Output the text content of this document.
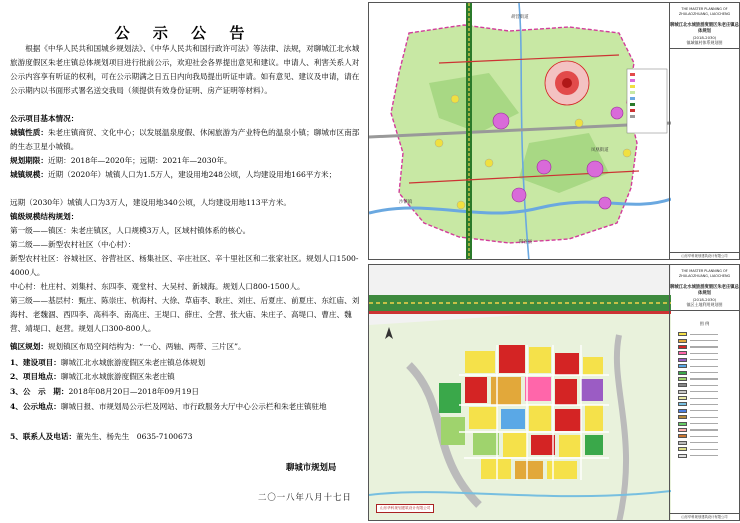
公 示 公 告
根据《中华人民共和国城乡规划法》、《中华人民共和国行政许可法》等法律、法规，对聊城江北水城旅游度假区朱老庄镇总体规划项目进行批前公示，欢迎社会各界提出意见和建议。申请人、利害关系人对公示内容享有听证的权利，可在公示期满之日五日内向我局提出听证申请。如有意见、建议及申请，请在公示期内以书面形式署名送交我局（须提供有效身份证明、房产证明等材料）。
公示项目基本情况：
城镇性质：朱老庄镇商贸、文化中心；以发展温泉度假、休闲旅游为产业特色的温泉小镇；聊城市区南部的生态卫星小城镇。
规划期限：近期：2018年—2020年；远期：2021年—2030年。
城镇规模：近期（2020年）城镇人口为1.5万人，建设用地248公顷，人均建设用地166平方米；
远期（2030年）城镇人口为3万人，建设用地340公顷，人均建设用地113平方米。
镇级规模结构规划：
第一级——镇区：朱老庄镇区，人口规模3万人，区域村镇体系的核心。
第二级——新型农村社区（中心村）：
新型农村社区：谷城社区、谷营社区、杨集社区、辛庄社区、辛十里社区和二张家社区。规划人口1500-4000人。
中心村：杜庄村、刘集村、东四李、观堂村、大吴村、新城海。规划人口800-1500人。
第三级——基层村：甄庄、陈崇庄、杭海村、大徐、草庙李、耿庄、刘庄、后夏庄、前夏庄、东红庙、刘海村、老魏涸、西四李、高科李、南高庄、王堤口、薛庄、仝营、张大庙、朱庄子、高堤口、曹庄、魏营、靖堤口、赵营。规划人口300-800人。
镇区规划：规划镇区布局空间结构为：“一心、两轴、两带、三片区”。
1、建设项目：聊城江北水城旅游度假区朱老庄镇总体规划
2、项目地点：聊城江北水城旅游度假区朱老庄镇
3、公　示　期：2018年08月20日—2018年09月19日
4、公示地点：聊城日报、市规划局公示栏及网站、市行政服务大厅中心公示栏和朱老庄镇驻地
5、联系人及电话：董先生、杨先生　0635-7100673
聊城市规划局
二〇一八年八月十七日
胡营街道
凤凰街道
沙镇镇
阳谷县
THE MASTER PLANNING OF ZHULAOZHUANG, LIAOCHENG
聊城江北水城旅游度假区朱老庄镇总体规划
(2018-2030)
镇域镇村体系规划图
山东华科规划建筑设计有限公司
山东华科规划建筑设计有限公司
THE MASTER PLANNING OF ZHULAOZHUANG, LIAOCHENG
聊城江北水城旅游度假区朱老庄镇总体规划
(2018-2030)
镇区土地利用规划图
图 例
山东华科规划建筑设计有限公司
